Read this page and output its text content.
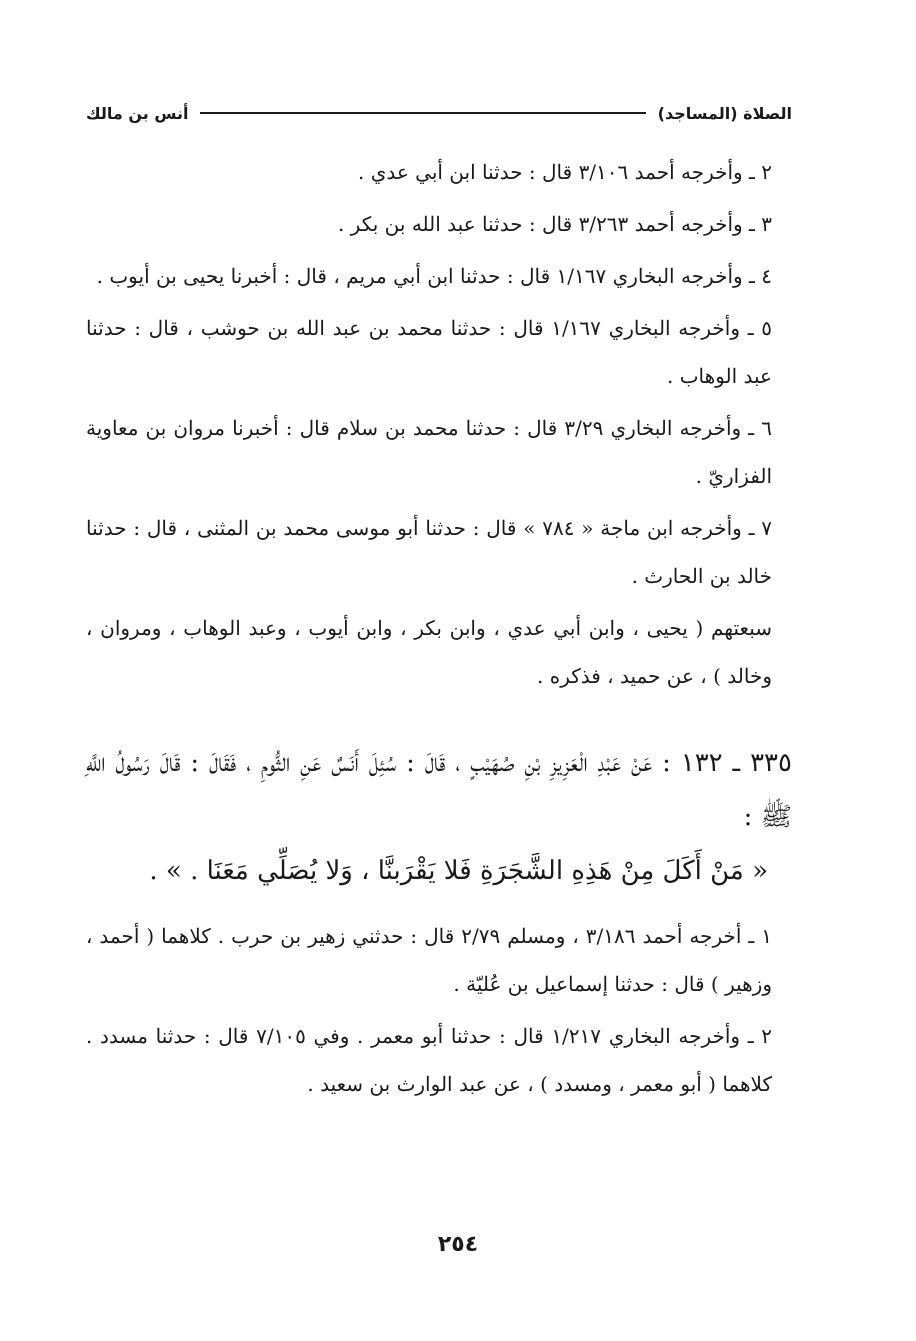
الصلاة (المساجد)
أنس بن مالك

٢ ـ وأخرجه أحمد ٣/١٠٦ قال : حدثنا ابن أبي عدي .

٣ ـ وأخرجه أحمد ٣/٢٦٣ قال : حدثنا عبد الله بن بكر .

٤ ـ وأخرجه البخاري ١/١٦٧ قال : حدثنا ابن أبي مريم ، قال : أخبرنا يحيى بن أيوب .

٥ ـ وأخرجه البخاري ١/١٦٧ قال : حدثنا محمد بن عبد الله بن حوشب ، قال : حدثنا عبد الوهاب .

٦ ـ وأخرجه البخاري ٣/٢٩ قال : حدثنا محمد بن سلام قال : أخبرنا مروان بن معاوية الفزاريّ .

٧ ـ وأخرجه ابن ماجة « ٧٨٤ » قال : حدثنا أبو موسى محمد بن المثنى ، قال : حدثنا خالد بن الحارث .

سبعتهم ( يحيى ، وابن أبي عدي ، وابن بكر ، وابن أيوب ، وعبد الوهاب ، ومروان ، وخالد ) ، عن حميد ، فذكره .

٣٣٥ ـ ١٣٢ : عَنْ عَبْدِ الْعَزِيزِ بْنِ صُهَيْبٍ ، قَالَ : سُئِلَ أَنَسٌ عَنِ الثُّومِ ، فَقَالَ : قَالَ رَسُولُ اللَّهِ ﷺ :
« مَنْ أَكَلَ مِنْ هَذِهِ الشَّجَرَةِ فَلا يَقْرَبنَّا ، وَلا يُصَلِّي مَعَنَا . » .

١ ـ أخرجه أحمد ٣/١٨٦ ، ومسلم ٢/٧٩ قال : حدثني زهير بن حرب . كلاهما ( أحمد ، وزهير ) قال : حدثنا إسماعيل بن عُليّة .

٢ ـ وأخرجه البخاري ١/٢١٧ قال : حدثنا أبو معمر . وفي ٧/١٠٥ قال : حدثنا مسدد . كلاهما ( أبو معمر ، ومسدد ) ، عن عبد الوارث بن سعيد .

٢٥٤
